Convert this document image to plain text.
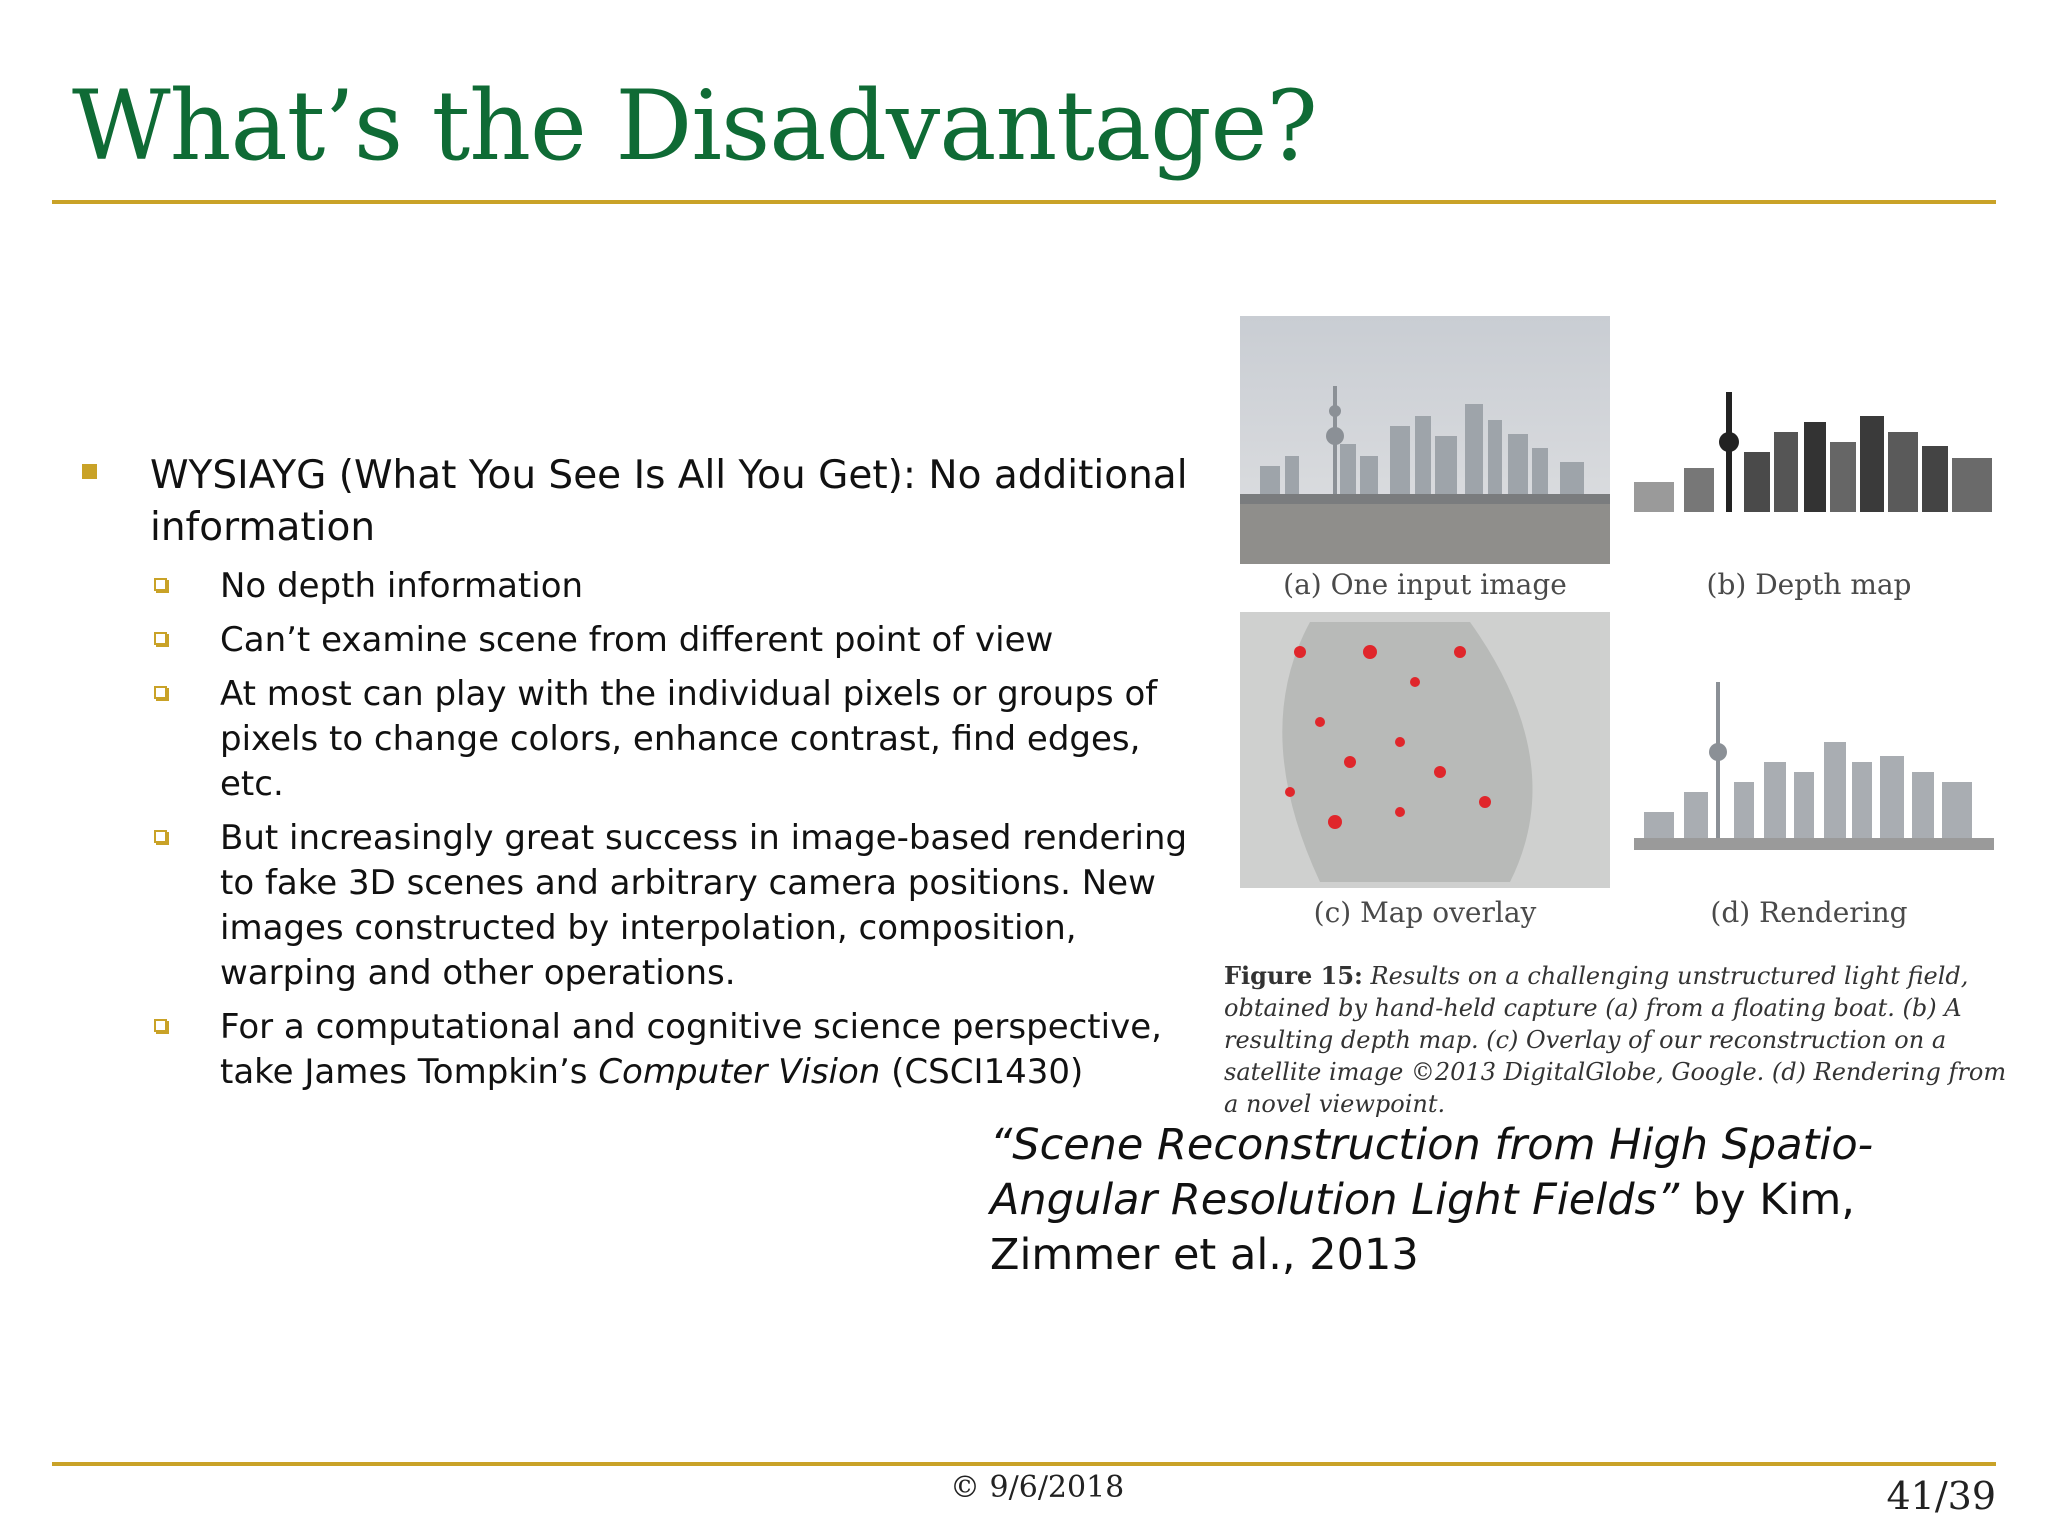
What’s the Disadvantage?
WYSIAYG (What You See Is All You Get): No additional information
No depth information
Can’t examine scene from different point of view
At most can play with the individual pixels or groups of pixels to change colors, enhance contrast, find edges, etc.
But increasingly great success in image-based rendering to fake 3D scenes and arbitrary camera positions. New images constructed by interpolation, composition, warping and other operations.
For a computational and cognitive science perspective, take James Tompkin’s Computer Vision (CSCI1430)
(a) One input image	(b) Depth map
(c) Map overlay	(d) Rendering
Figure 15: Results on a challenging unstructured light field, obtained by hand-held capture (a) from a floating boat. (b) A resulting depth map. (c) Overlay of our reconstruction on a satellite image ©2013 DigitalGlobe, Google. (d) Rendering from a novel viewpoint.
“Scene Reconstruction from High Spatio-Angular Resolution Light Fields” by Kim, Zimmer et al., 2013
© 9/6/2018	41/39
